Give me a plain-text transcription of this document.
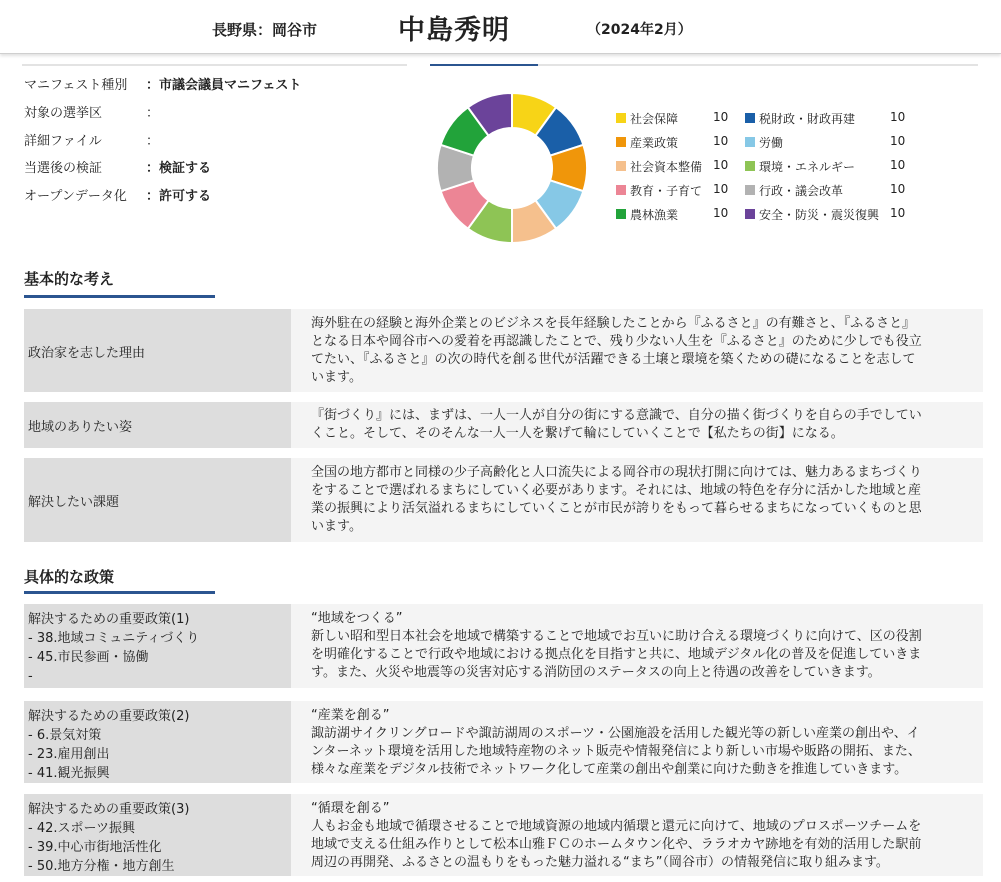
長野県：岡谷市	中島秀明	（2024年2月）
マニフェスト種別	：市議会議員マニフェスト
対象の選挙区	：
詳細ファイル	：
当選後の検証	：検証する
オープンデータ化	：許可する
社会保障	10	税財政・財政再建	10
産業政策	10	労働	10
社会資本整備 10	環境・エネルギー	10
教育・子育て 10	行政・議会改革	10
農林漁業	10	安全・防災・震災復興 10
基本的な考え
政治家を志した理由
海外駐在の経験と海外企業とのビジネスを長年経験したことから『ふるさと』の有難さと、『ふるさと』
となる日本や岡谷市への愛着を再認識したことで、残り少ない人生を『ふるさと』のために少しでも役立
てたい、『ふるさと』の次の時代を創る世代が活躍できる土壌と環境を築くための礎になることを志して
います。
地域のありたい姿
『街づくり』には、まずは、一人一人が自分の街にする意識で、自分の描く街づくりを自らの手でしてい
くこと。そして、そのそんな一人一人を繋げて輪にしていくことで【私たちの街】になる。
解決したい課題
全国の地方都市と同様の少子高齢化と人口流失による岡谷市の現状打開に向けては、魅力あるまちづくり
をすることで選ばれるまちにしていく必要があります。それには、地域の特色を存分に活かした地域と産
業の振興により活気溢れるまちにしていくことが市民が誇りをもって暮らせるまちになっていくものと思
います。
具体的な政策
解決するための重要政策(1)
- 38.地域コミュニティづくり
- 45.市民参画・協働
-
“地域をつくる”
新しい昭和型日本社会を地域で構築することで地域でお互いに助け合える環境づくりに向けて、区の役割
を明確化することで行政や地域における拠点化を目指すと共に、地域デジタル化の普及を促進していきま
す。また、火災や地震等の災害対応する消防団のステータスの向上と待遇の改善をしていきます。
解決するための重要政策(2)
- 6.景気対策
- 23.雇用創出
- 41.観光振興
“産業を創る”
諏訪湖サイクリングロードや諏訪湖周のスポーツ・公園施設を活用した観光等の新しい産業の創出や、イ
ンターネット環境を活用した地域特産物のネット販売や情報発信により新しい市場や販路の開拓、また、
様々な産業をデジタル技術でネットワーク化して産業の創出や創業に向けた動きを推進していきます。
解決するための重要政策(3)
- 42.スポーツ振興
- 39.中心市街地活性化
- 50.地方分権・地方創生
“循環を創る”
人もお金も地域で循環させることで地域資源の地域内循環と還元に向けて、地域のプロスポーツチームを
地域で支える仕組み作りとして松本山雅ＦＣのホームタウン化や、ララオカヤ跡地を有効的活用した駅前
周辺の再開発、ふるさとの温もりをもった魅力溢れる“まち”（岡谷市）の情報発信に取り組みます。
